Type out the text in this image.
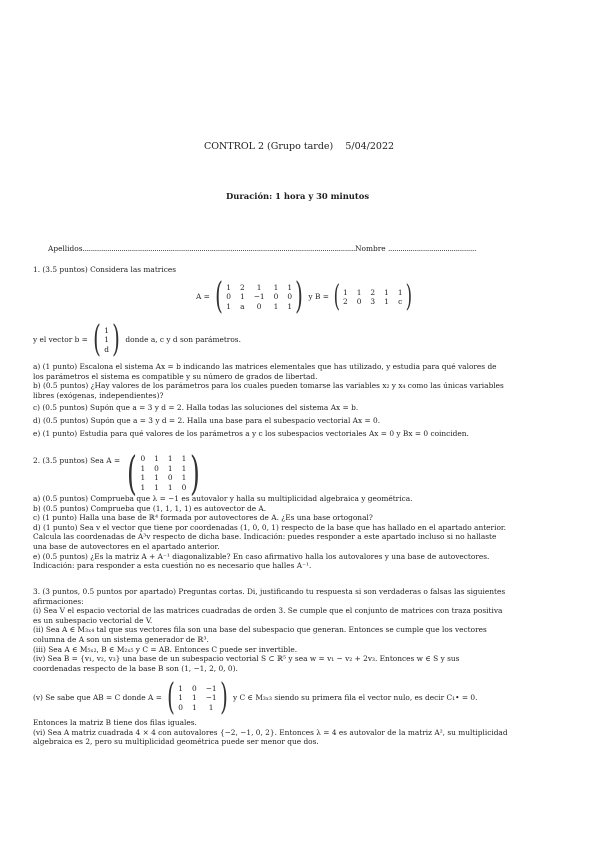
CONTROL 2 (Grupo tarde) 5/04/2022
Duración: 1 hora y 30 minutos
Apellidos.....................................................................................................................................Nombre ...........................................
1. (3.5 puntos) Considera las matrices
A = ( 1 2	1	1 1
0 1 −1 0 0
1 a	0	1 1 ) y B = ( 1 1 2 1 1
2 0 3 1 c )
y el vector b = ( 1
1
d ) donde a, c y d son parámetros.
a) (1 punto) Escalona el sistema Ax = b indicando las matrices elementales que has utilizado, y estudia para qué valores de
los parámetros el sistema es compatible y su número de grados de libertad.
b) (0.5 puntos) ¿Hay valores de los parámetros para los cuales pueden tomarse las variables x₂ y x₄ como las únicas variables
libres (exógenas, independientes)?
c) (0.5 puntos) Supón que a = 3 y d = 2. Halla todas las soluciones del sistema Ax = b.
d) (0.5 puntos) Supón que a = 3 y d = 2. Halla una base para el subespacio vectorial Ax = 0.
e) (1 punto) Estudia para qué valores de los parámetros a y c los subespacios vectoriales Ax = 0 y Bx = 0 coinciden.
2. (3.5 puntos) Sea A = ( 0 1 1 1
1 0 1 1
1 1 0 1
1 1 1 0 )
a) (0.5 puntos) Comprueba que λ = −1 es autovalor y halla su multiplicidad algebraica y geométrica.
b) (0.5 puntos) Comprueba que (1, 1, 1, 1) es autovector de A.
c) (1 punto) Halla una base de ℝ⁴ formada por autovectores de A. ¿Es una base ortogonal?
d) (1 punto) Sea v el vector que tiene por coordenadas (1, 0, 0, 1) respecto de la base que has hallado en el apartado anterior.
Calcula las coordenadas de A³v respecto de dicha base. Indicación: puedes responder a este apartado incluso si no hallaste
una base de autovectores en el apartado anterior.
e) (0.5 puntos) ¿Es la matriz A + A⁻¹ diagonalizable? En caso afirmativo halla los autovalores y una base de autovectores.
Indicación: para responder a esta cuestión no es necesario que halles A⁻¹.
3. (3 puntos, 0.5 puntos por apartado) Preguntas cortas. Di, justificando tu respuesta si son verdaderas o falsas las siguientes
afirmaciones:
(i) Sea V el espacio vectorial de las matrices cuadradas de orden 3. Se cumple que el conjunto de matrices con traza positiva
es un subespacio vectorial de V.
(ii) Sea A ∈ M₃ₓ₄ tal que sus vectores fila son una base del subespacio que generan. Entonces se cumple que los vectores
columna de A son un sistema generador de ℝ³.
(iii) Sea A ∈ M₅ₓ₂, B ∈ M₂ₓ₅ y C = AB. Entonces C puede ser invertible.
(iv) Sea B = {v₁, v₂, v₃} una base de un subespacio vectorial S ⊂ ℝ⁵ y sea w = v₁ − v₂ + 2v₃. Entonces w ∈ S y sus
coordenadas respecto de la base B son (1, −1, 2, 0, 0).
(v) Se sabe que AB = C donde A = ( 1 0 −1
1 1 −1
0 1	1 ) y C ∈ M₃ₓ₃ siendo su primera fila el vector nulo, es decir C₁• = 0.
Entonces la matriz B tiene dos filas iguales.
(vi) Sea A matriz cuadrada 4 × 4 con autovalores {−2, −1, 0, 2}. Entonces λ = 4 es autovalor de la matriz A², su multiplicidad
algebraica es 2, pero su multiplicidad geométrica puede ser menor que dos.
